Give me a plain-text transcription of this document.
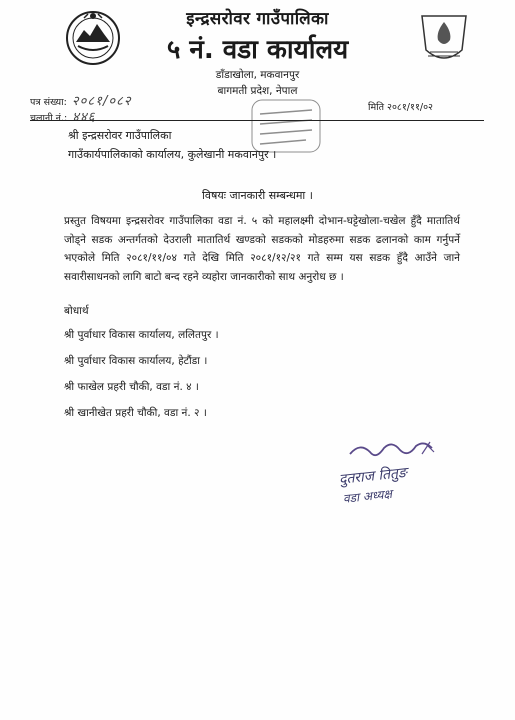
इन्द्रसरोवर गाउँपालिका
५ नं. वडा कार्यालय
डाँडाखोला, मकवानपुर
बागमती प्रदेश, नेपाल
पत्र संख्या: २०८१/०८२
चलानी नं.: ४४६
मिति २०८१/११/०२
श्री इन्द्रसरोवर गाउँपालिका
गाउँकार्यपालिकाको कार्यालय, कुलेखानी मकवानपुर ।
विषयः जानकारी सम्बन्धमा ।
प्रस्तुत विषयमा इन्द्रसरोवर गाउँपालिका वडा नं. ५ को महालक्ष्मी दोभान-घट्टेखोला-चखेल हुँदै मातातिर्थ जोड्ने सडक अन्तर्गतको देउराली मातातिर्थ खण्डको सडकको मोडहरुमा सडक ढलानको काम गर्नुपर्ने भएकोले मिति २०८१/११/०४ गते देखि मिति २०८१/१२/२१ गते सम्म यस सडक हुँदै आउँने जाने सवारीसाधनको लागि बाटो बन्द रहने व्यहोरा जानकारीको साथ अनुरोध छ ।
बोधार्थ
श्री पुर्वाधार विकास कार्यालय, ललितपुर ।
श्री पुर्वाधार विकास कार्यालय, हेटौंडा ।
श्री फाखेल प्रहरी चौकी, वडा नं. ४ ।
श्री खानीखेत प्रहरी चौकी, वडा नं. २ ।
दुतराज तितुङ
वडा अध्यक्ष
